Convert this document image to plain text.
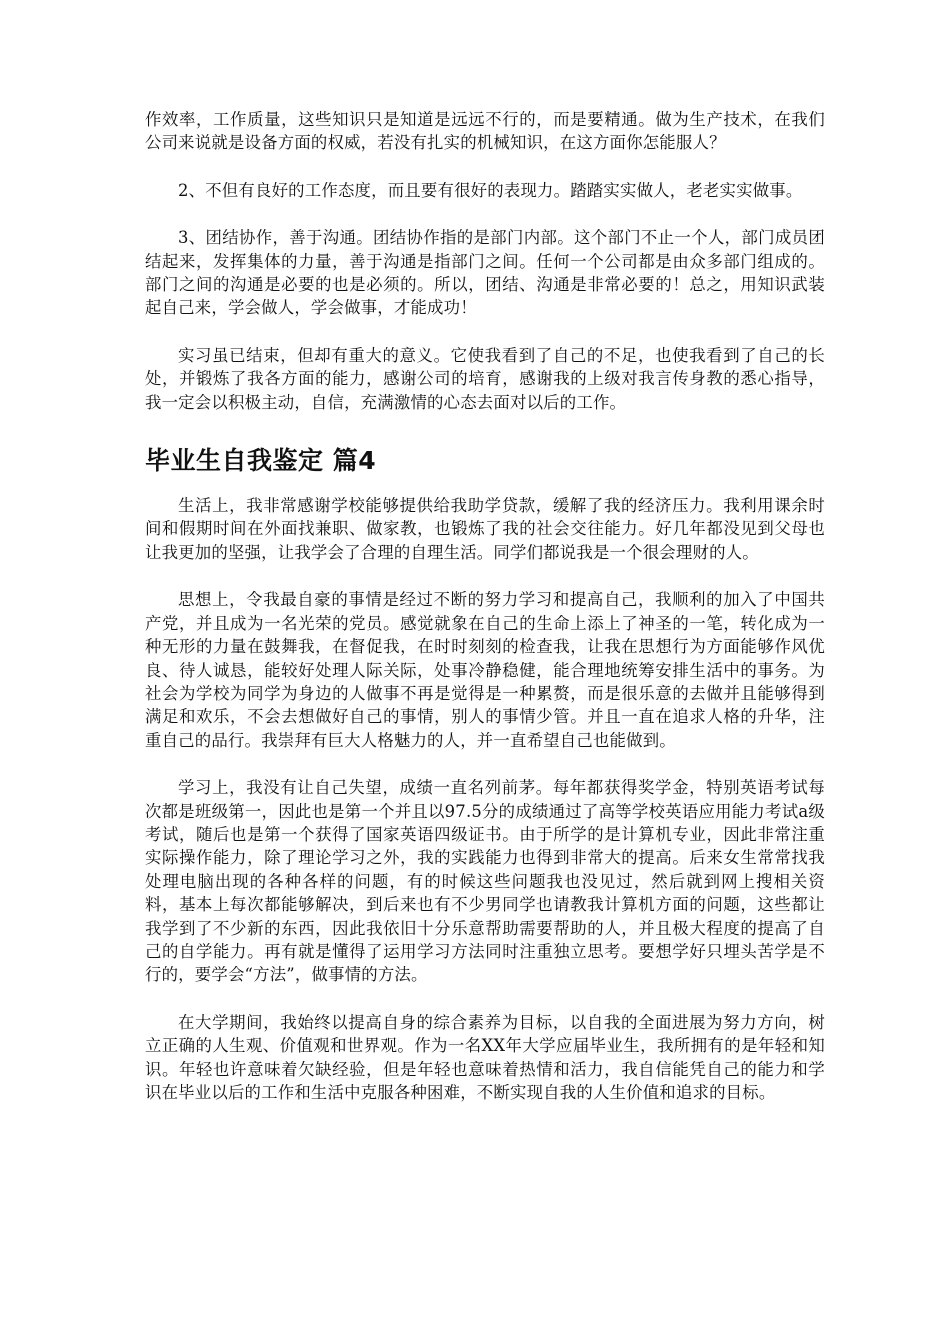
作效率，工作质量，这些知识只是知道是远远不行的，而是要精通。做为生产技术，在我们公司来说就是设备方面的权威，若没有扎实的机械知识，在这方面你怎能服人？

2、不但有良好的工作态度，而且要有很好的表现力。踏踏实实做人，老老实实做事。

3、团结协作，善于沟通。团结协作指的是部门内部。这个部门不止一个人，部门成员团结起来，发挥集体的力量，善于沟通是指部门之间。任何一个公司都是由众多部门组成的。部门之间的沟通是必要的也是必须的。所以，团结、沟通是非常必要的！总之，用知识武装起自己来，学会做人，学会做事，才能成功！

实习虽已结束，但却有重大的意义。它使我看到了自己的不足，也使我看到了自己的长处，并锻炼了我各方面的能力，感谢公司的培育，感谢我的上级对我言传身教的悉心指导，我一定会以积极主动，自信，充满激情的心态去面对以后的工作。

毕业生自我鉴定 篇4

生活上，我非常感谢学校能够提供给我助学贷款，缓解了我的经济压力。我利用课余时间和假期时间在外面找兼职、做家教，也锻炼了我的社会交往能力。好几年都没见到父母也让我更加的坚强，让我学会了合理的自理生活。同学们都说我是一个很会理财的人。

思想上，令我最自豪的事情是经过不断的努力学习和提高自己，我顺利的加入了中国共产党，并且成为一名光荣的党员。感觉就象在自己的生命上添上了神圣的一笔，转化成为一种无形的力量在鼓舞我，在督促我，在时时刻刻的检查我，让我在思想行为方面能够作风优良、待人诚恳，能较好处理人际关际，处事冷静稳健，能合理地统筹安排生活中的事务。为社会为学校为同学为身边的人做事不再是觉得是一种累赘，而是很乐意的去做并且能够得到满足和欢乐，不会去想做好自己的事情，别人的事情少管。并且一直在追求人格的升华，注重自己的品行。我崇拜有巨大人格魅力的人，并一直希望自己也能做到。

学习上，我没有让自己失望，成绩一直名列前茅。每年都获得奖学金，特别英语考试每次都是班级第一，因此也是第一个并且以97.5分的成绩通过了高等学校英语应用能力考试a级考试，随后也是第一个获得了国家英语四级证书。由于所学的是计算机专业，因此非常注重实际操作能力，除了理论学习之外，我的实践能力也得到非常大的提高。后来女生常常找我处理电脑出现的各种各样的问题，有的时候这些问题我也没见过，然后就到网上搜相关资料，基本上每次都能够解决，到后来也有不少男同学也请教我计算机方面的问题，这些都让我学到了不少新的东西，因此我依旧十分乐意帮助需要帮助的人，并且极大程度的提高了自己的自学能力。再有就是懂得了运用学习方法同时注重独立思考。要想学好只埋头苦学是不行的，要学会“方法”，做事情的方法。

在大学期间，我始终以提高自身的综合素养为目标，以自我的全面进展为努力方向，树立正确的人生观、价值观和世界观。作为一名XX年大学应届毕业生，我所拥有的是年轻和知识。年轻也许意味着欠缺经验，但是年轻也意味着热情和活力，我自信能凭自己的能力和学识在毕业以后的工作和生活中克服各种困难，不断实现自我的人生价值和追求的目标。
